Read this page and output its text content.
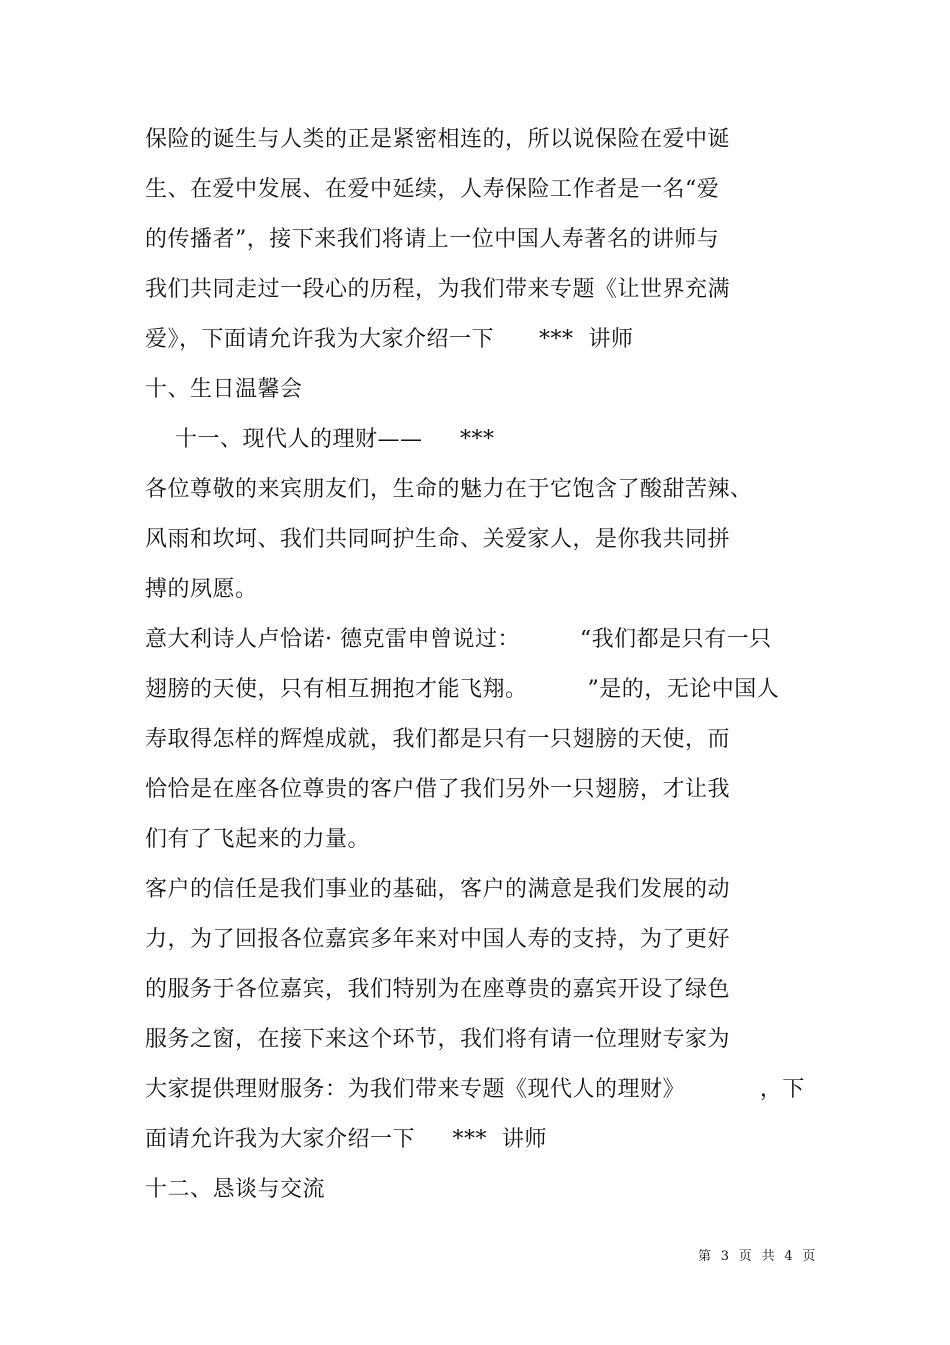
保险的诞生与人类的正是紧密相连的，所以说保险在爱中诞
生、在爱中发展、在爱中延续，人寿保险工作者是一名“爱
的传播者”，接下来我们将请上一位中国人寿著名的讲师与
我们共同走过一段心的历程，为我们带来专题《让世界充满
爱》，下面请允许我为大家介绍一下      ***  讲师
十、生日温馨会
十一、现代人的理财——     ***
各位尊敬的来宾朋友们，生命的魅力在于它饱含了酸甜苦辣、
风雨和坎坷、我们共同呵护生命、关爱家人，是你我共同拼
搏的夙愿。
意大利诗人卢恰诺· 德克雷申曾说过：        “我们都是只有一只
翅膀的天使，只有相互拥抱才能飞翔。        ”是的，无论中国人
寿取得怎样的辉煌成就，我们都是只有一只翅膀的天使，而
恰恰是在座各位尊贵的客户借了我们另外一只翅膀，才让我
们有了飞起来的力量。
客户的信任是我们事业的基础，客户的满意是我们发展的动
力，为了回报各位嘉宾多年来对中国人寿的支持，为了更好
的服务于各位嘉宾，我们特别为在座尊贵的嘉宾开设了绿色
服务之窗，在接下来这个环节，我们将有请一位理财专家为
大家提供理财服务：为我们带来专题《现代人的理财》          ，下
面请允许我为大家介绍一下     ***  讲师
十二、恳谈与交流
第  3  页  共  4  页
